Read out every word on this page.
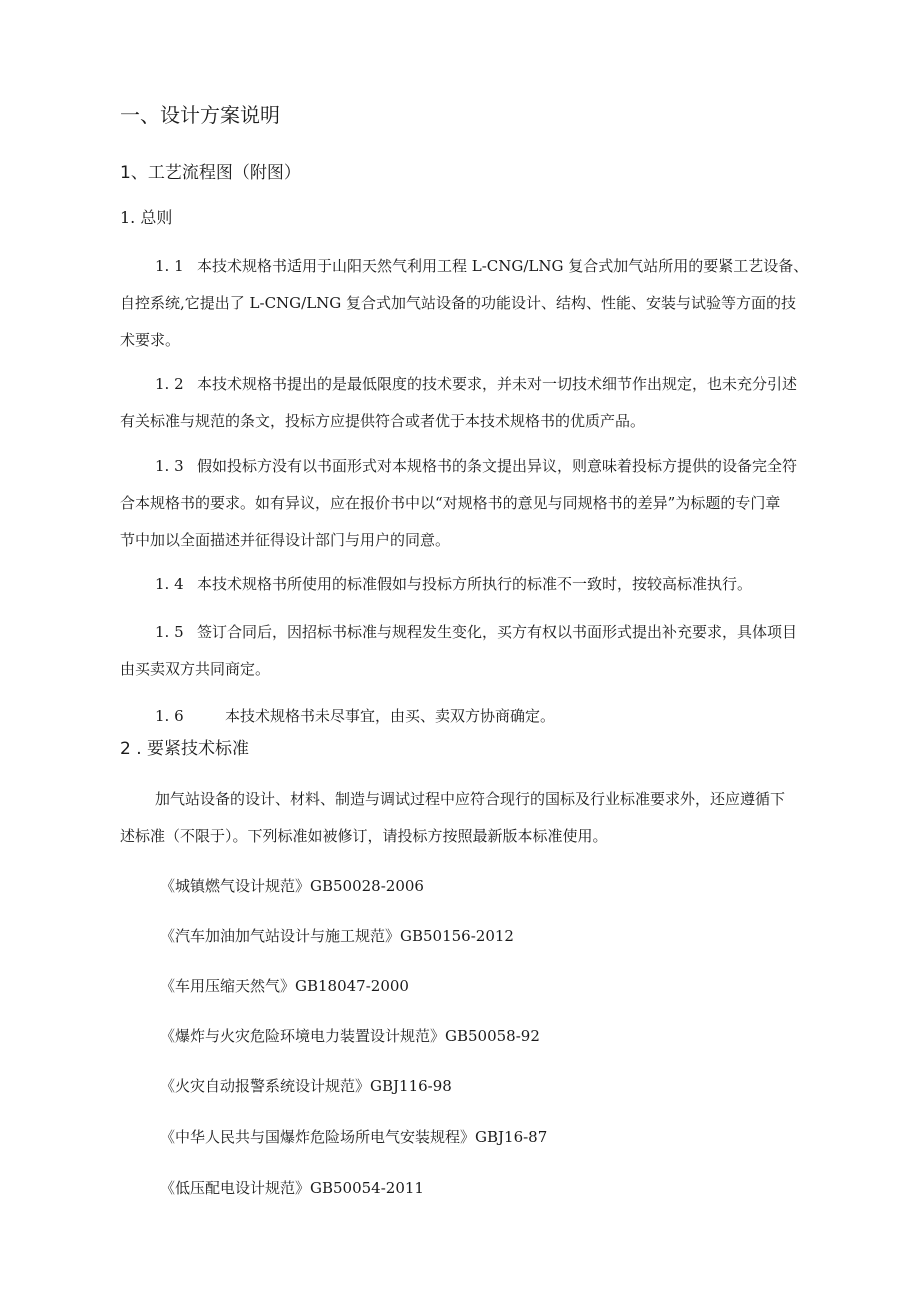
一、设计方案说明
1、工艺流程图（附图）
1. 总则
1. 1 本技术规格书适用于山阳天然气利用工程 L-CNG/LNG 复合式加气站所用的要紧工艺设备、
自控系统,它提出了 L-CNG/LNG 复合式加气站设备的功能设计、结构、性能、安装与试验等方面的技
术要求。
1. 2 本技术规格书提出的是最低限度的技术要求，并未对一切技术细节作出规定，也未充分引述
有关标准与规范的条文，投标方应提供符合或者优于本技术规格书的优质产品。
1. 3 假如投标方没有以书面形式对本规格书的条文提出异议，则意味着投标方提供的设备完全符
合本规格书的要求。如有异议，应在报价书中以“对规格书的意见与同规格书的差异”为标题的专门章
节中加以全面描述并征得设计部门与用户的同意。
1. 4 本技术规格书所使用的标准假如与投标方所执行的标准不一致时，按较高标准执行。
1. 5 签订合同后，因招标书标准与规程发生变化，买方有权以书面形式提出补充要求，具体项目
由买卖双方共同商定。
1. 6	本技术规格书未尽事宜，由买、卖双方协商确定。
2 . 要紧技术标准
加气站设备的设计、材料、制造与调试过程中应符合现行的国标及行业标准要求外，还应遵循下
述标准（不限于）。下列标准如被修订，请投标方按照最新版本标准使用。
《城镇燃气设计规范》GB50028-2006
《汽车加油加气站设计与施工规范》GB50156-2012
《车用压缩天然气》GB18047-2000
《爆炸与火灾危险环境电力装置设计规范》GB50058-92
《火灾自动报警系统设计规范》GBJ116-98
《中华人民共与国爆炸危险场所电气安装规程》GBJ16-87
《低压配电设计规范》GB50054-2011
